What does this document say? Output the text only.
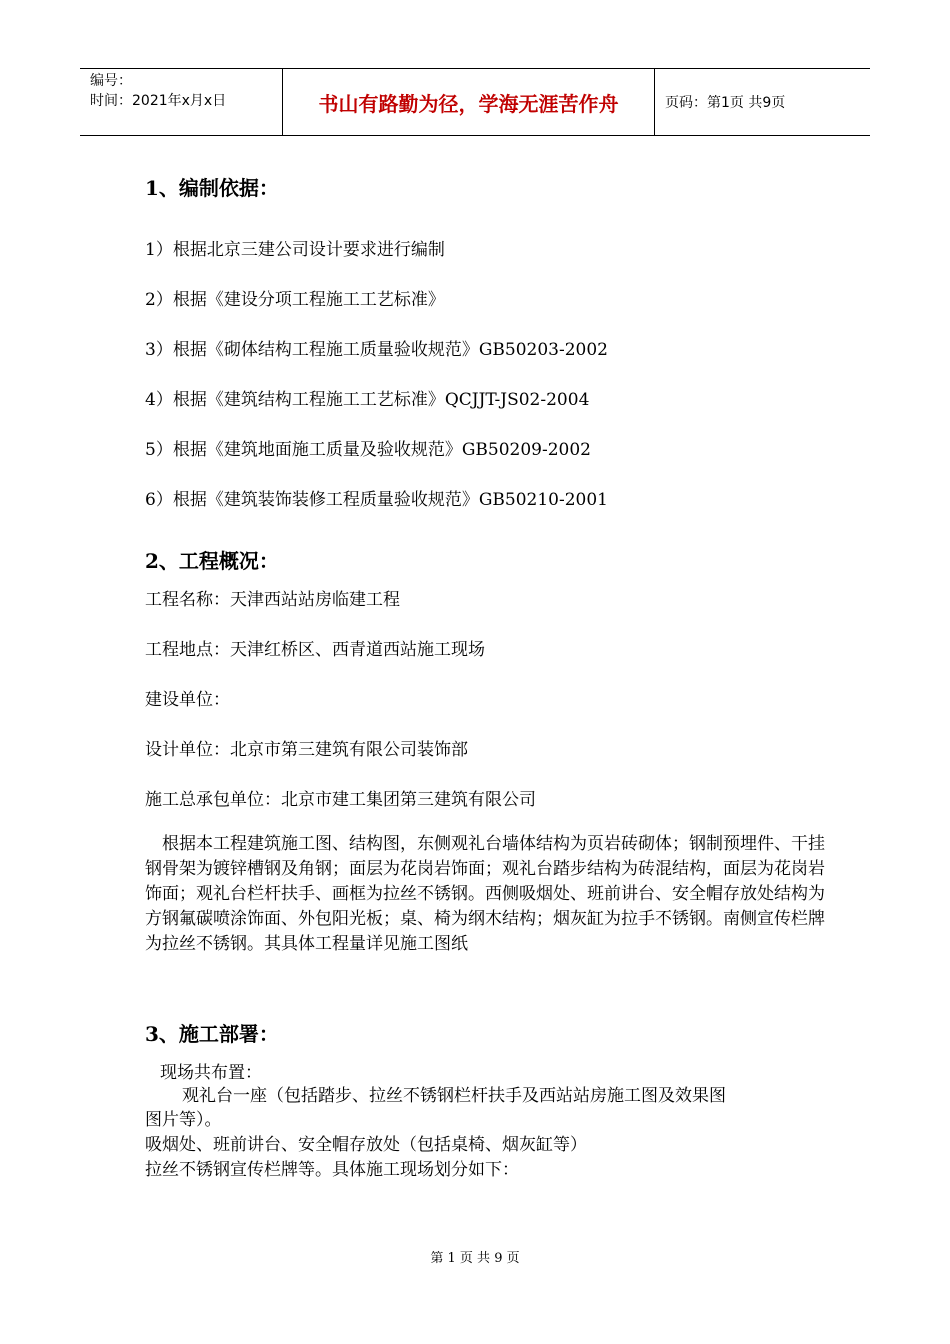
编号：
时间：2021年x月x日	书山有路勤为径，学海无涯苦作舟	页码：第1页 共9页
1、编制依据：
1）根据北京三建公司设计要求进行编制
2）根据《建设分项工程施工工艺标准》
3）根据《砌体结构工程施工质量验收规范》GB50203-2002
4）根据《建筑结构工程施工工艺标准》QCJJT-JS02-2004
5）根据《建筑地面施工质量及验收规范》GB50209-2002
6）根据《建筑装饰装修工程质量验收规范》GB50210-2001
2、工程概况：
工程名称：天津西站站房临建工程
工程地点：天津红桥区、西青道西站施工现场
建设单位：
设计单位：北京市第三建筑有限公司装饰部
施工总承包单位：北京市建工集团第三建筑有限公司
根据本工程建筑施工图、结构图，东侧观礼台墙体结构为页岩砖砌体；钢制预埋件、干挂钢骨架为镀锌槽钢及角钢；面层为花岗岩饰面；观礼台踏步结构为砖混结构，面层为花岗岩饰面；观礼台栏杆扶手、画框为拉丝不锈钢。西侧吸烟处、班前讲台、安全帽存放处结构为方钢氟碳喷涂饰面、外包阳光板；桌、椅为纲木结构；烟灰缸为拉手不锈钢。南侧宣传栏牌为拉丝不锈钢。其具体工程量详见施工图纸
3、施工部署：
现场共布置：
观礼台一座（包括踏步、拉丝不锈钢栏杆扶手及西站站房施工图及效果图
图片等）。
吸烟处、班前讲台、安全帽存放处（包括桌椅、烟灰缸等）
拉丝不锈钢宣传栏牌等。具体施工现场划分如下：
第 1 页 共 9 页
